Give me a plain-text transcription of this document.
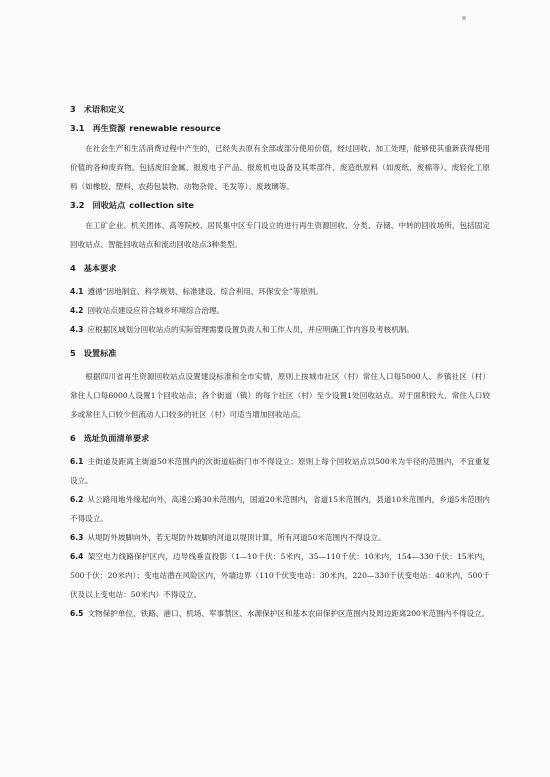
3 术语和定义
3.1 再生资源 renewable resource

在社会生产和生活消费过程中产生的，已经失去原有全部或部分使用价值，经过回收、加工处理，能够使其重新获得使用价值的各种废弃物。包括废旧金属、报废电子产品、报废机电设备及其零部件、废造纸原料（如废纸、废棉等）、废轻化工原料（如橡胶、塑料、农药包装物、动物杂骨、毛发等）、废玻璃等。

3.2 回收站点 collection site

在工矿企业、机关团体、高等院校、居民集中区专门设立的进行再生资源回收、分类、存储、中转的回收场所，包括固定回收站点、智能回收站点和流动回收站点3种类型。

4 基本要求

4.1 遵循“因地制宜、科学规划、标准建设、综合利用、环保安全”等原则。

4.2 回收站点建设应符合城乡环境综合治理。

4.3 应根据区域划分回收站点的实际管理需要设置负责人和工作人员，并应明确工作内容及考核机制。

5 设置标准

根据四川省再生资源回收站点设置建设标准和全市实情，原则上按城市社区（村）常住人口每5000人、乡镇社区（村）常住人口每6000人设置1个回收站点；各个街道（镇）的每个社区（村）至少设置1处回收站点。对于面积较大、常住人口较多或常住人口较少但流动人口较多的社区（村）可适当增加回收站点。

6 选址负面清单要求

6.1 主街道及距离主街道50米范围内的次街道临街门市不得设立；原则上每个回收站点以500米为半径的范围内，不宜重复设立。

6.2 从公路用地外缘起向外，高速公路30米范围内，国道20米范围内，省道15米范围内，县道10米范围内，乡道5米范围内不得设立。

6.3 从堤防外坡脚向外，若无堤防外坡脚的河道以堤顶计算，所有河道50米范围内不得设立。

6.4 架空电力线路保护区内，边导线垂直投影（1—10千伏：5米内，35—110千伏：10米内，154—330千伏：15米内，500千伏：20米内）；变电站潜在风险区内，外墙边界（110千伏变电站：30米内，220—330千伏变电站：40米内，500千伏及以上变电站：50米内）不得设立。

6.5 文物保护单位、铁路、港口、机场、军事禁区、水源保护区和基本农田保护区范围内及周边距离200米范围内不得设立。
